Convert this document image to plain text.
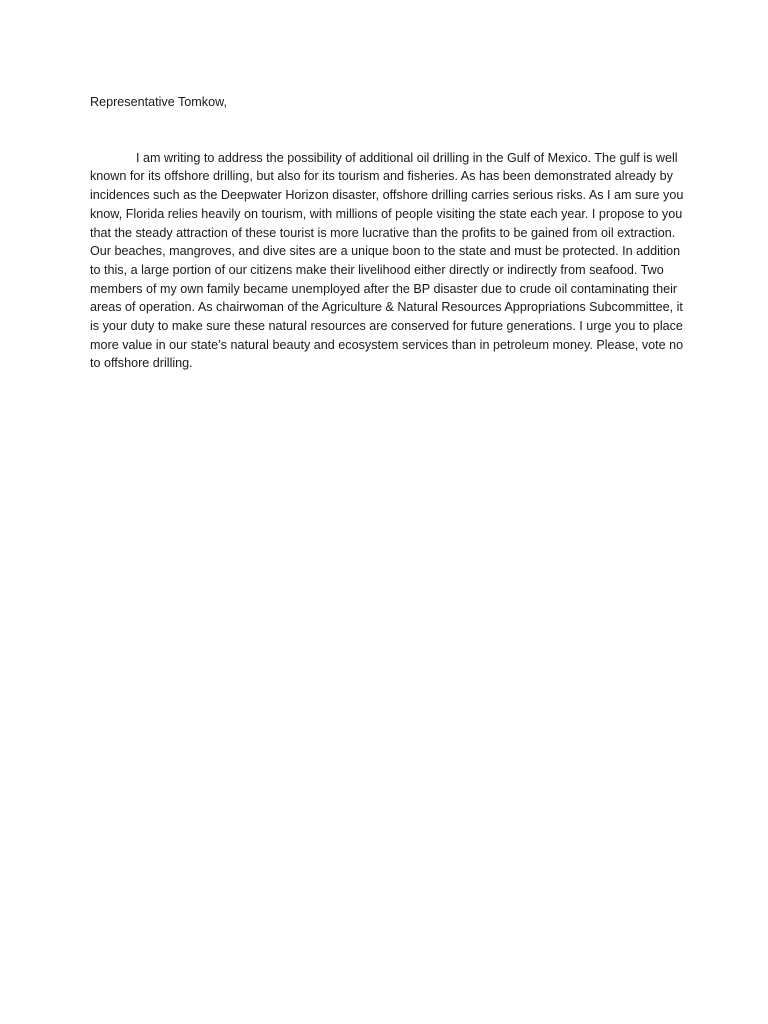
Representative Tomkow,

I am writing to address the possibility of additional oil drilling in the Gulf of Mexico. The gulf is well known for its offshore drilling, but also for its tourism and fisheries. As has been demonstrated already by incidences such as the Deepwater Horizon disaster, offshore drilling carries serious risks. As I am sure you know, Florida relies heavily on tourism, with millions of people visiting the state each year. I propose to you that the steady attraction of these tourist is more lucrative than the profits to be gained from oil extraction. Our beaches, mangroves, and dive sites are a unique boon to the state and must be protected. In addition to this, a large portion of our citizens make their livelihood either directly or indirectly from seafood. Two members of my own family became unemployed after the BP disaster due to crude oil contaminating their areas of operation. As chairwoman of the Agriculture & Natural Resources Appropriations Subcommittee, it is your duty to make sure these natural resources are conserved for future generations. I urge you to place more value in our state’s natural beauty and ecosystem services than in petroleum money. Please, vote no to offshore drilling.
